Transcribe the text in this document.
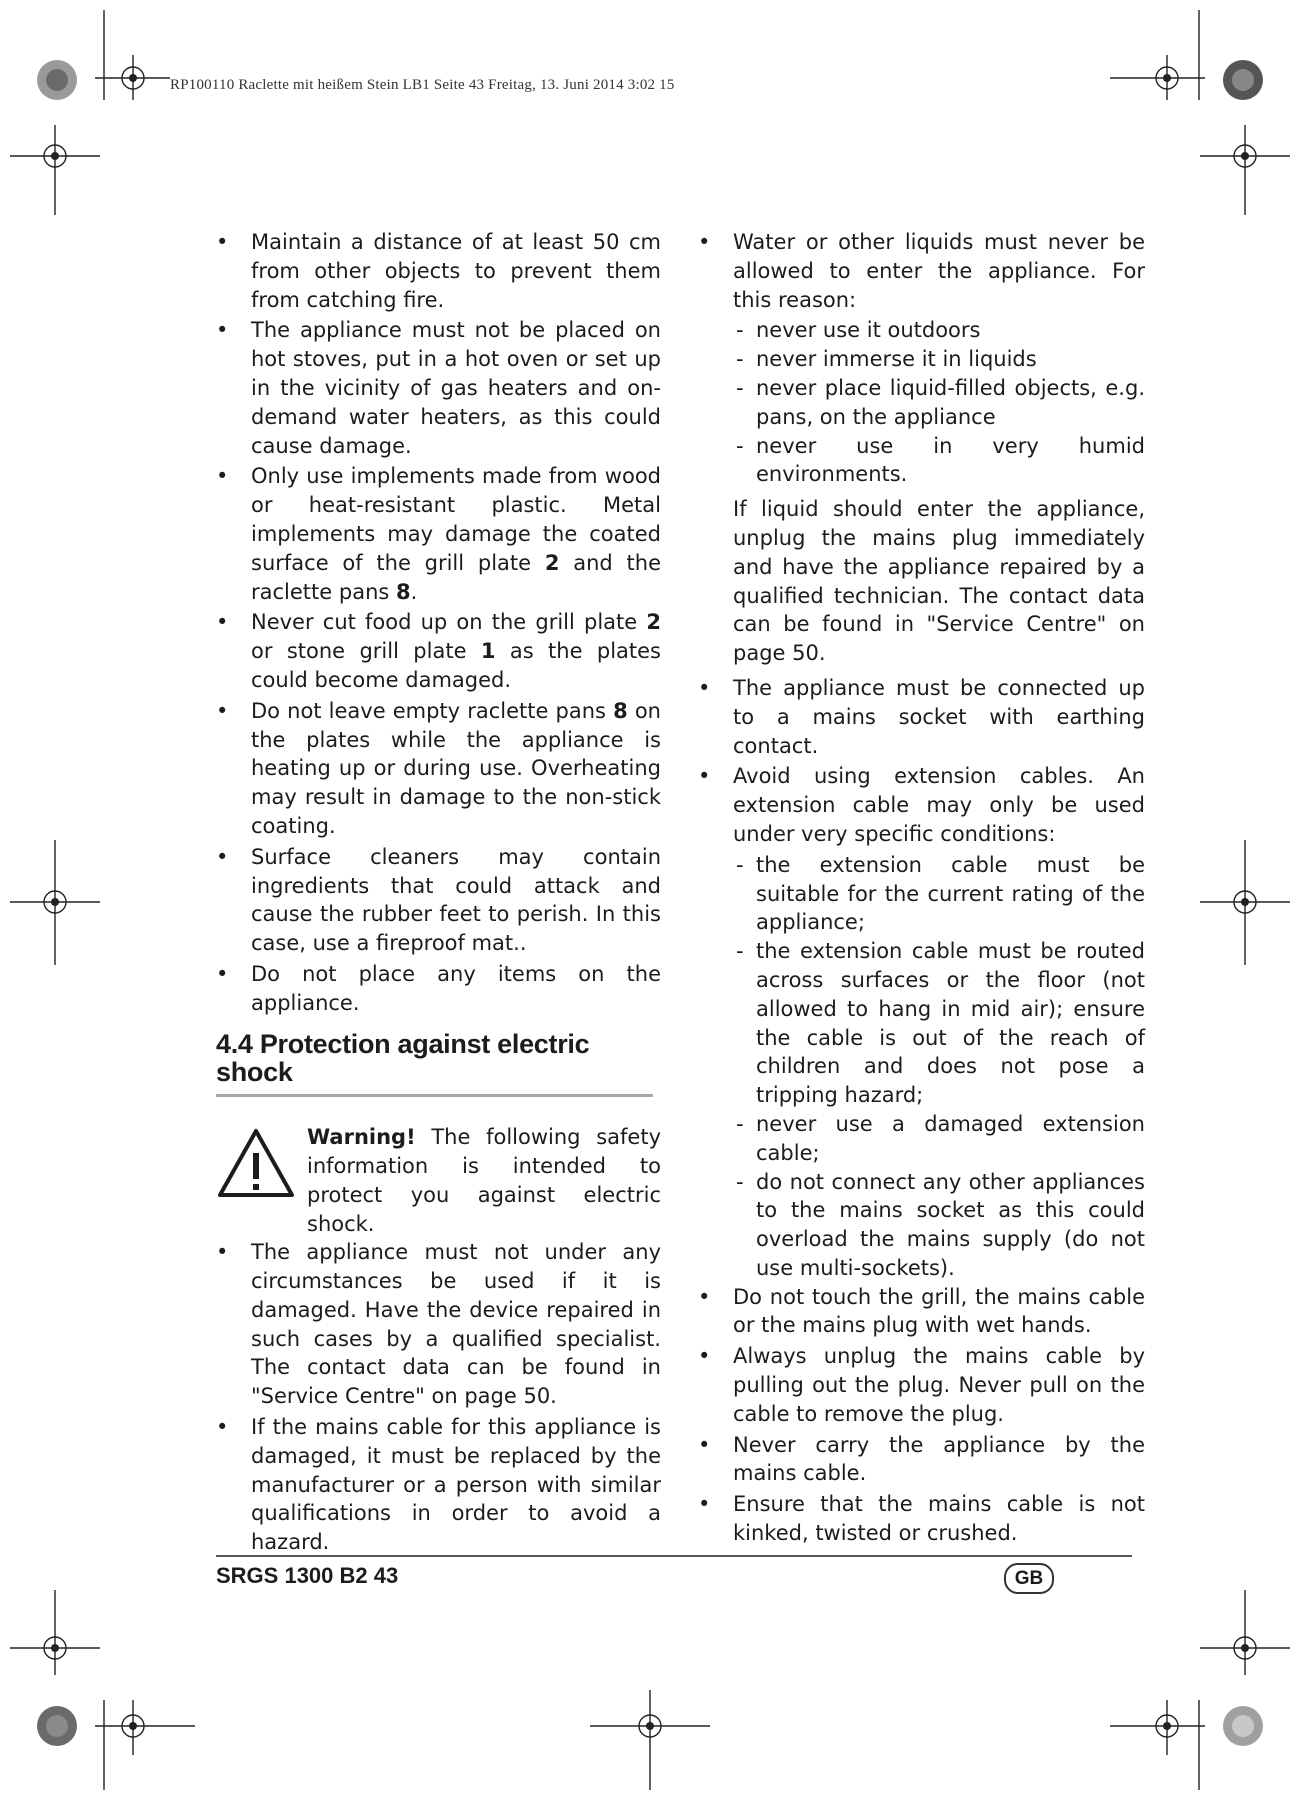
RP100110 Raclette mit heißem Stein LB1 Seite 43 Freitag, 13. Juni 2014 3:02 15
• Maintain a distance of at least 50 cm from other objects to prevent them from catching fire.
• The appliance must not be placed on hot stoves, put in a hot oven or set up in the vicinity of gas heaters and on-demand water heaters, as this could cause damage.
• Only use implements made from wood or heat-resistant plastic. Metal implements may damage the coated surface of the grill plate 2 and the raclette pans 8.
• Never cut food up on the grill plate 2 or stone grill plate 1 as the plates could become damaged.
• Do not leave empty raclette pans 8 on the plates while the appliance is heating up or during use. Overheating may result in damage to the non-stick coating.
• Surface cleaners may contain ingredients that could attack and cause the rubber feet to perish. In this case, use a fireproof mat..
• Do not place any items on the appliance.
4.4 Protection against electric shock
Warning! The following safety information is intended to protect you against electric shock.
• The appliance must not under any circumstances be used if it is damaged. Have the device repaired in such cases by a qualified specialist. The contact data can be found in "Service Centre" on page 50.
• If the mains cable for this appliance is damaged, it must be replaced by the manufacturer or a person with similar qualifications in order to avoid a hazard.
• Water or other liquids must never be allowed to enter the appliance. For this reason:
- never use it outdoors
- never immerse it in liquids
- never place liquid-filled objects, e.g. pans, on the appliance
- never use in very humid environments.
If liquid should enter the appliance, unplug the mains plug immediately and have the appliance repaired by a qualified technician. The contact data can be found in "Service Centre" on page 50.
• The appliance must be connected up to a mains socket with earthing contact.
• Avoid using extension cables. An extension cable may only be used under very specific conditions:
- the extension cable must be suitable for the current rating of the appliance;
- the extension cable must be routed across surfaces or the floor (not allowed to hang in mid air); ensure the cable is out of the reach of children and does not pose a tripping hazard;
- never use a damaged extension cable;
- do not connect any other appliances to the mains socket as this could overload the mains supply (do not use multi-sockets).
• Do not touch the grill, the mains cable or the mains plug with wet hands.
• Always unplug the mains cable by pulling out the plug. Never pull on the cable to remove the plug.
• Never carry the appliance by the mains cable.
• Ensure that the mains cable is not kinked, twisted or crushed.
SRGS 1300 B2 43	GB
